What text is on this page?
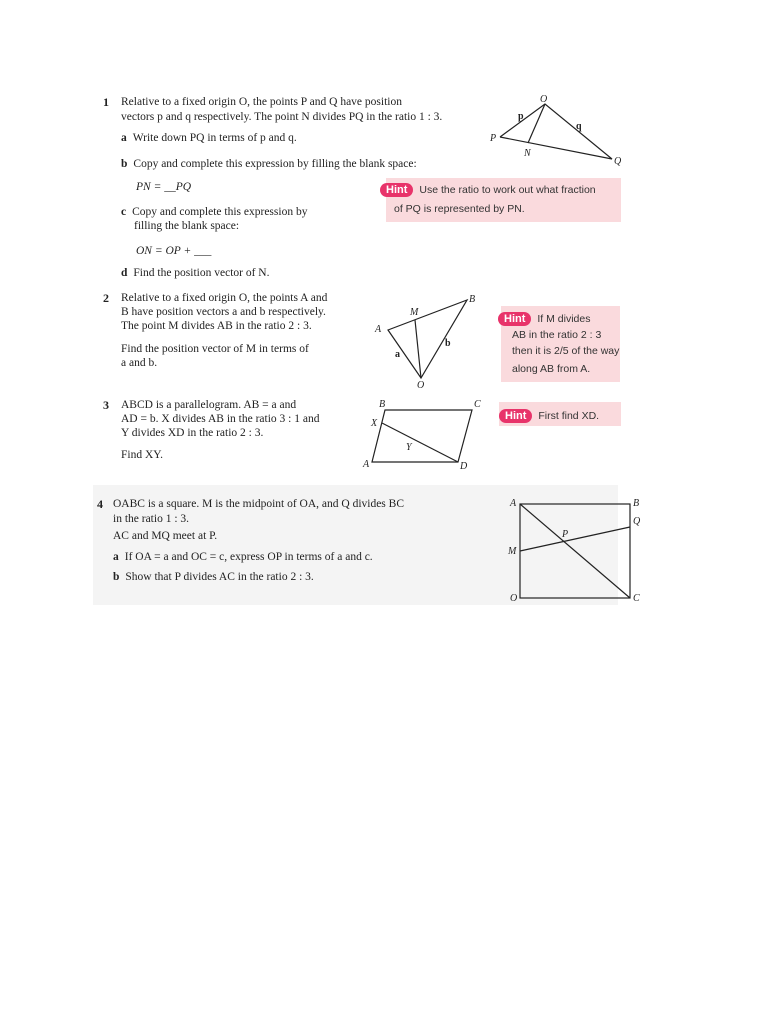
1 Relative to a fixed origin O, the points P and Q have position
vectors p and q respectively. The point N divides PQ in the ratio 1 : 3.
a Write down PQ in terms of p and q.
b Copy and complete this expression by filling the blank space:
PN = __PQ
c Copy and complete this expression by
filling the blank space:
ON = OP + ___
d Find the position vector of N.
Hint Use the ratio to work out what fraction
of PQ is represented by PN.
O
P
Q
N
p
q
2 Relative to a fixed origin O, the points A and
B have position vectors a and b respectively.
The point M divides AB in the ratio 2 : 3.
Find the position vector of M in terms of
a and b.
A
B
M
O
a
b
Hint If M divides
AB in the ratio 2 : 3
then it is 2/5 of the way
along AB from A.
3 ABCD is a parallelogram. AB = a and
AD = b. X divides AB in the ratio 3 : 1 and
Y divides XD in the ratio 2 : 3.
Find XY.
B	C
A	D
X
Y
Hint First find XD.
4 OABC is a square. M is the midpoint of OA, and Q divides BC
in the ratio 1 : 3.
AC and MQ meet at P.
a If OA = a and OC = c, express OP in terms of a and c.
b Show that P divides AC in the ratio 2 : 3.
A	B
O	C
M
Q
P
